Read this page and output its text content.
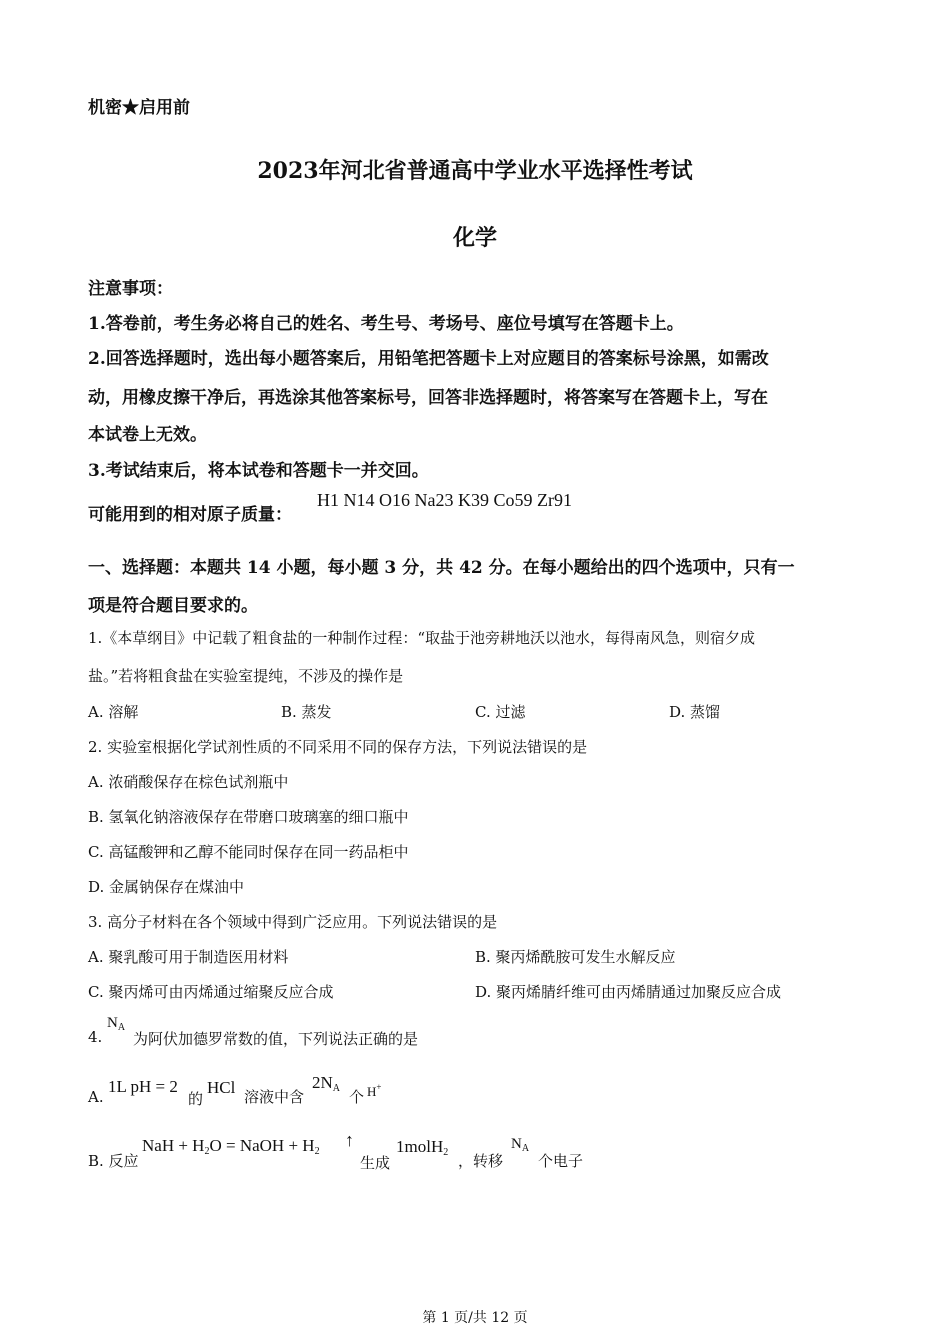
机密★启用前
2023年河北省普通高中学业水平选择性考试
化学
注意事项：
1.答卷前，考生务必将自己的姓名、考生号、考场号、座位号填写在答题卡上。
2.回答选择题时，选出每小题答案后，用铅笔把答题卡上对应题目的答案标号涂黑，如需改
动，用橡皮擦干净后，再选涂其他答案标号，回答非选择题时，将答案写在答题卡上，写在
本试卷上无效。
3.考试结束后，将本试卷和答题卡一并交回。
可能用到的相对原子质量：
H1 N14 O16 Na23 K39 Co59 Zr91
一、选择题：本题共 14 小题，每小题 3 分，共 42 分。在每小题给出的四个选项中，只有一
项是符合题目要求的。
1.《本草纲目》中记载了粗食盐的一种制作过程：“取盐于池旁耕地沃以池水，每得南风急，则宿夕成
盐。”若将粗食盐在实验室提纯，不涉及的操作是
A. 溶解	B. 蒸发	C. 过滤	D. 蒸馏
2. 实验室根据化学试剂性质的不同采用不同的保存方法，下列说法错误的是
A. 浓硝酸保存在棕色试剂瓶中
B. 氢氧化钠溶液保存在带磨口玻璃塞的细口瓶中
C. 高锰酸钾和乙醇不能同时保存在同一药品柜中
D. 金属钠保存在煤油中
3. 高分子材料在各个领域中得到广泛应用。下列说法错误的是
A. 聚乳酸可用于制造医用材料	B. 聚丙烯酰胺可发生水解反应
C. 聚丙烯可由丙烯通过缩聚反应合成	D. 聚丙烯腈纤维可由丙烯腈通过加聚反应合成
4.
$N_A$
为阿伏加德罗常数的值，下列说法正确的是
A.
1L pH = 2
的
HCl 溶液中含
$2N_A$ 个 H+
B. 反应
NaH + $H_2O$ = NaOH + $H_2$
↑
生成
1molH$_2$ ，转移
$N_A$
个电子
第 1 页/共 12 页
